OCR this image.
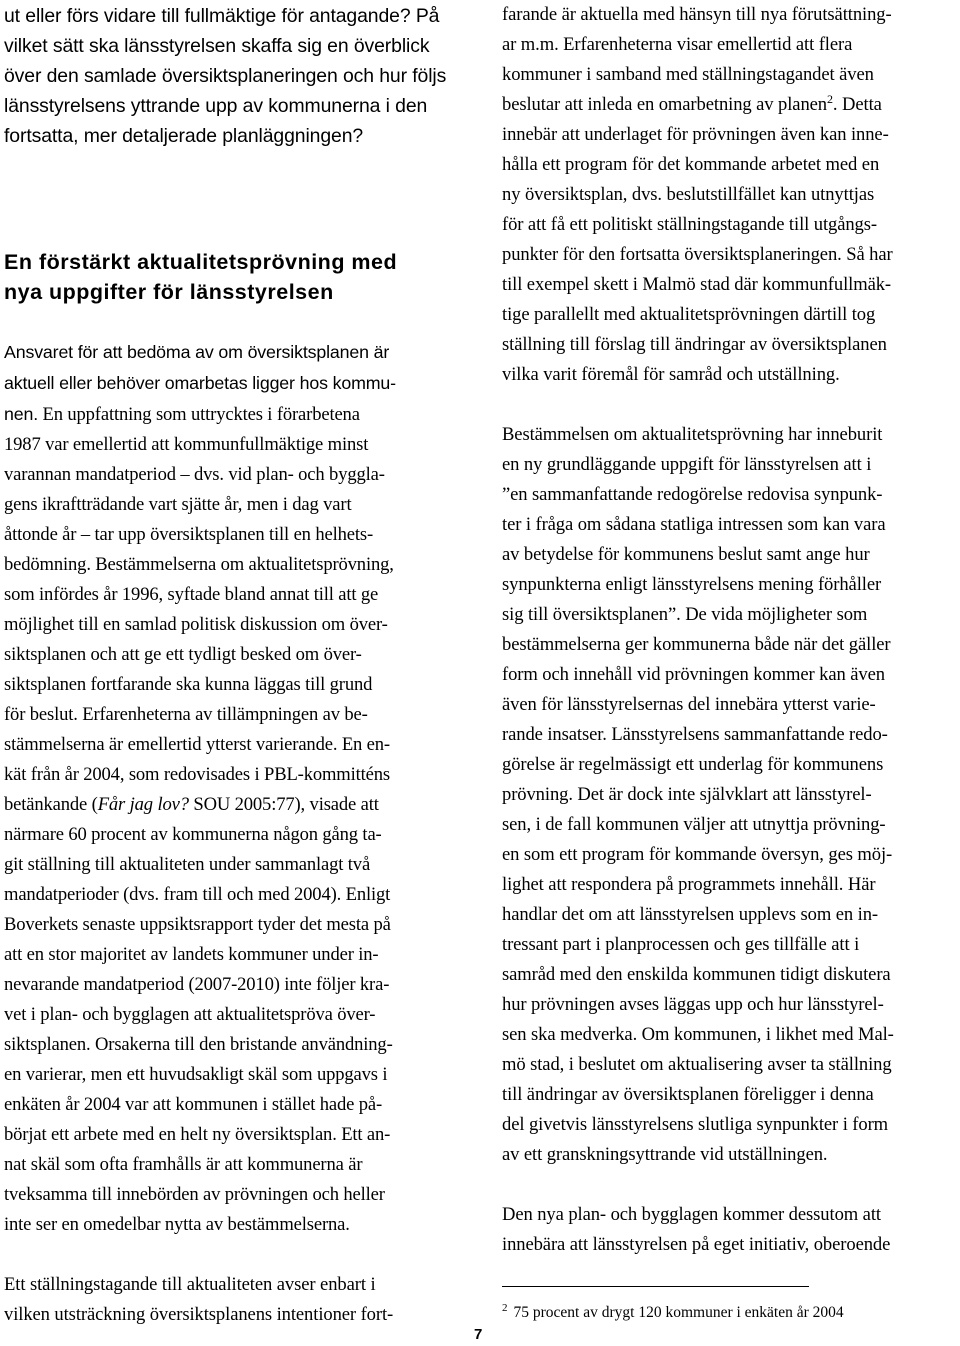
ut eller förs vidare till fullmäktige för antagande? På
vilket sätt ska länsstyrelsen skaffa sig en överblick
över den samlade översiktsplaneringen och hur följs
länsstyrelsens yttrande upp av kommunerna i den
fortsatta, mer detaljerade planläggningen?

En förstärkt aktualitetsprövning med
nya uppgifter för länsstyrelsen

Ansvaret för att bedöma av om översiktsplanen är
aktuell eller behöver omarbetas ligger hos kommu-
nen. En uppfattning som uttrycktes i förarbetena
1987 var emellertid att kommunfullmäktige minst
varannan mandatperiod – dvs. vid plan- och byggla-
gens ikraftträdande vart sjätte år, men i dag vart
åttonde år – tar upp översiktsplanen till en helhets-
bedömning. Bestämmelserna om aktualitetsprövning,
som infördes år 1996, syftade bland annat till att ge
möjlighet till en samlad politisk diskussion om över-
siktsplanen och att ge ett tydligt besked om över-
siktsplanen fortfarande ska kunna läggas till grund
för beslut. Erfarenheterna av tillämpningen av be-
stämmelserna är emellertid ytterst varierande. En en-
kät från år 2004, som redovisades i PBL-kommitténs
betänkande (Får jag lov? SOU 2005:77), visade att
närmare 60 procent av kommunerna någon gång ta-
git ställning till aktualiteten under sammanlagt två
mandatperioder (dvs. fram till och med 2004). Enligt
Boverkets senaste uppsiktsrapport tyder det mesta på
att en stor majoritet av landets kommuner under in-
nevarande mandatperiod (2007-2010) inte följer kra-
vet i plan- och bygglagen att aktualitetspröva över-
siktsplanen. Orsakerna till den bristande användning-
en varierar, men ett huvudsakligt skäl som uppgavs i
enkäten år 2004 var att kommunen i stället hade på-
börjat ett arbete med en helt ny översiktsplan. Ett an-
nat skäl som ofta framhålls är att kommunerna är
tveksamma till innebörden av prövningen och heller
inte ser en omedelbar nytta av bestämmelserna.

Ett ställningstagande till aktualiteten avser enbart i
vilken utsträckning översiktsplanens intentioner fort-

farande är aktuella med hänsyn till nya förutsättning-
ar m.m. Erfarenheterna visar emellertid att flera
kommuner i samband med ställningstagandet även
beslutar att inleda en omarbetning av planen$^2$. Detta
innebär att underlaget för prövningen även kan inne-
hålla ett program för det kommande arbetet med en
ny översiktsplan, dvs. beslutstillfället kan utnyttjas
för att få ett politiskt ställningstagande till utgångs-
punkter för den fortsatta översiktsplaneringen. Så har
till exempel skett i Malmö stad där kommunfullmäk-
tige parallellt med aktualitetsprövningen därtill tog
ställning till förslag till ändringar av översiktsplanen
vilka varit föremål för samråd och utställning.

Bestämmelsen om aktualitetsprövning har inneburit
en ny grundläggande uppgift för länsstyrelsen att i
”en sammanfattande redogörelse redovisa synpunk-
ter i fråga om sådana statliga intressen som kan vara
av betydelse för kommunens beslut samt ange hur
synpunkterna enligt länsstyrelsens mening förhåller
sig till översiktsplanen”. De vida möjligheter som
bestämmelserna ger kommunerna både när det gäller
form och innehåll vid prövningen kommer kan även
även för länsstyrelsernas del innebära ytterst varie-
rande insatser. Länsstyrelsens sammanfattande redo-
görelse är regelmässigt ett underlag för kommunens
prövning. Det är dock inte självklart att länsstyrel-
sen, i de fall kommunen väljer att utnyttja prövning-
en som ett program för kommande översyn, ges möj-
lighet att respondera på programmets innehåll. Här
handlar det om att länsstyrelsen upplevs som en in-
tressant part i planprocessen och ges tillfälle att i
samråd med den enskilda kommunen tidigt diskutera
hur prövningen avses läggas upp och hur länsstyrel-
sen ska medverka. Om kommunen, i likhet med Mal-
mö stad, i beslutet om aktualisering avser ta ställning
till ändringar av översiktsplanen föreligger i denna
del givetvis länsstyrelsens slutliga synpunkter i form
av ett granskningsyttrande vid utställningen.

Den nya plan- och bygglagen kommer dessutom att
innebära att länsstyrelsen på eget initiativ, oberoende

$^2$ 75 procent av drygt 120 kommuner i enkäten år 2004
7
